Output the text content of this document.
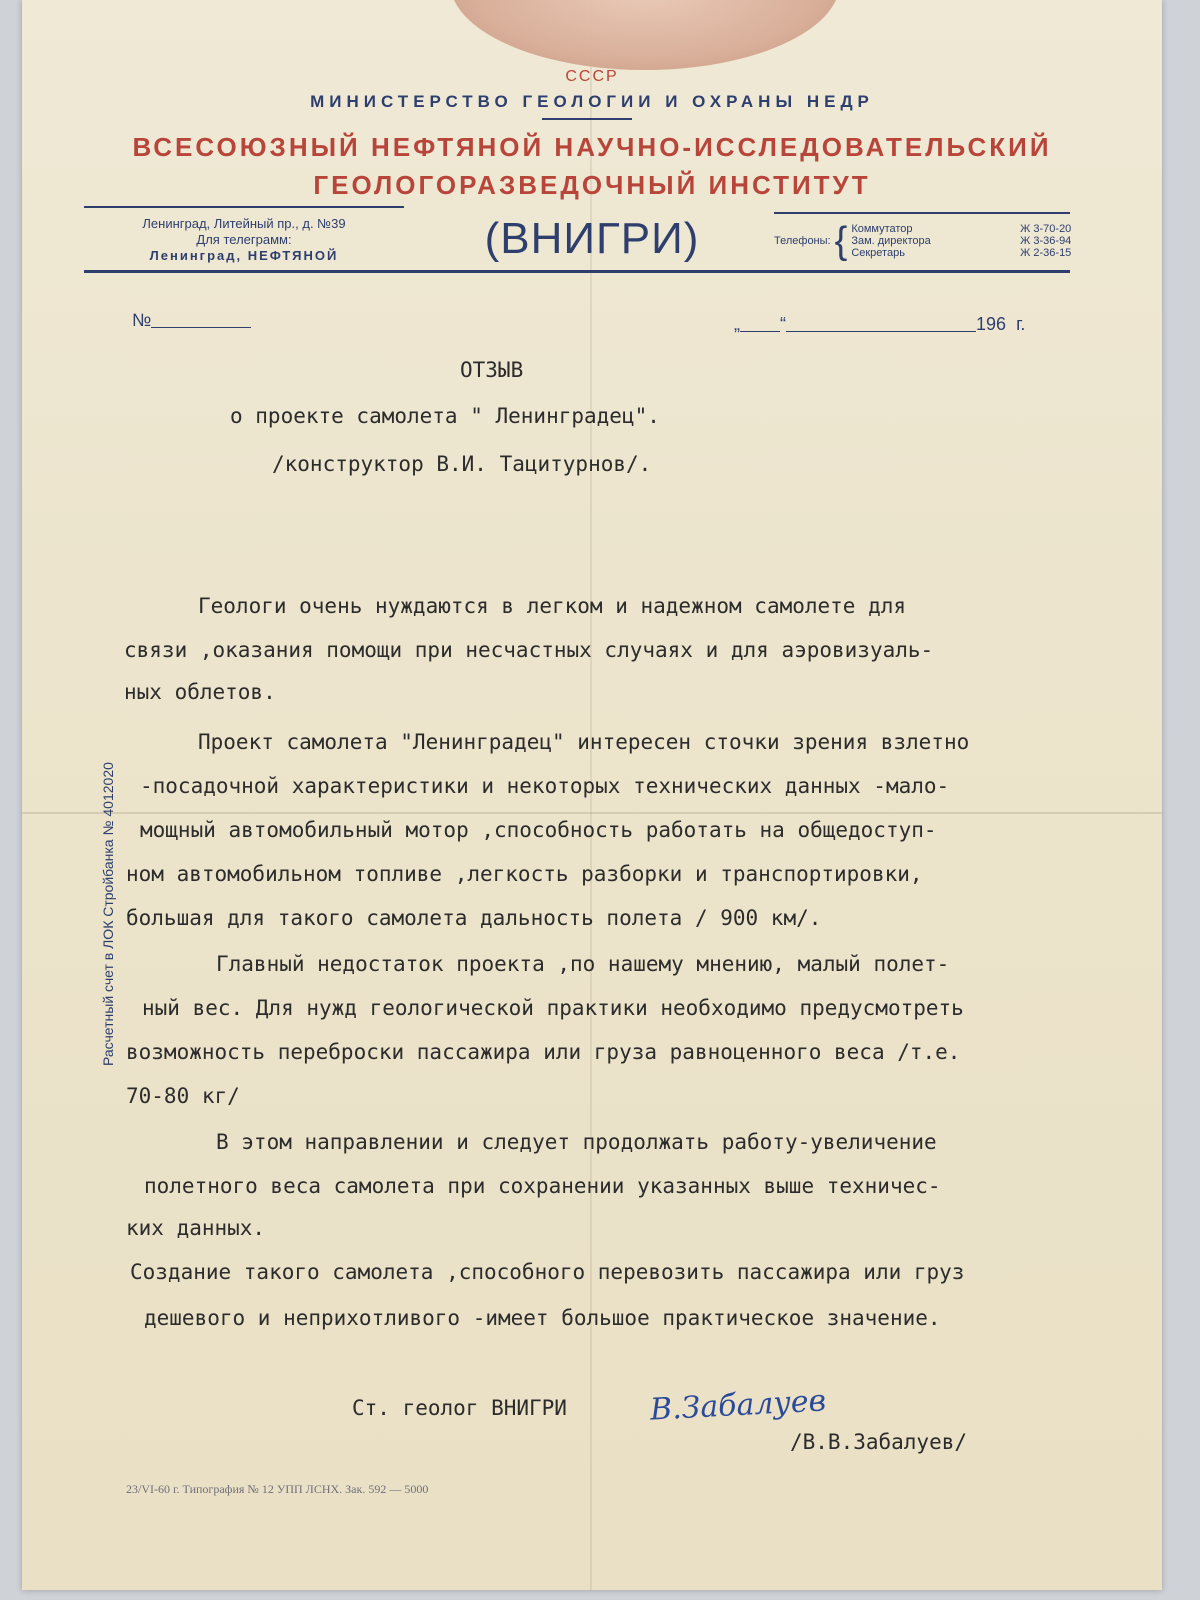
СССР
МИНИСТЕРСТВО ГЕОЛОГИИ И ОХРАНЫ НЕДР
ВСЕСОЮЗНЫЙ НЕФТЯНОЙ НАУЧНО-ИССЛЕДОВАТЕЛЬСКИЙ
ГЕОЛОГОРАЗВЕДОЧНЫЙ ИНСТИТУТ
Ленинград, Литейный пр., д. №39
Для телеграмм:
Ленинград, НЕФТЯНОЙ	(ВНИГРИ)	Телефоны: { Коммутатор	Ж 3-70-20
Зам. директора	Ж 3-36-94
Секретарь	Ж 2-36-15
№	„ “	196 г.
Расчетный счет в ЛОК Стройбанка № 4012020
ОТЗЫВ
о проекте самолета " Ленинградец".
/конструктор В.И. Тацитурнов/.
Геологи очень нуждаются в легком и надежном самолете для
связи ,оказания помощи при несчастных случаях и для аэровизуаль-
ных облетов.
Проект самолета "Ленинградец" интересен сточки зрения взлетно
-посадочной характеристики и некоторых технических данных -мало-
мощный автомобильный мотор ,способность работать на общедоступ-
ном автомобильном топливе ,легкость разборки и транспортировки,
большая для такого самолета дальность полета / 900 км/.
Главный недостаток проекта ,по нашему мнению, малый полет-
ный вес. Для нужд геологической практики необходимо предусмотреть
возможность переброски пассажира или груза равноценного веса /т.е.
70-80 кг/
В этом направлении и следует продолжать работу-увеличение
полетного веса самолета при сохранении указанных выше техничес-
ких данных.
Создание такого самолета ,способного перевозить пассажира или груз
дешевого и неприхотливого -имеет большое практическое значение.
Ст. геолог ВНИГРИ	В.Забалуев
/В.В.Забалуев/
23/VI-60 г. Типография № 12 УПП ЛСНХ. Зак. 592 — 5000
